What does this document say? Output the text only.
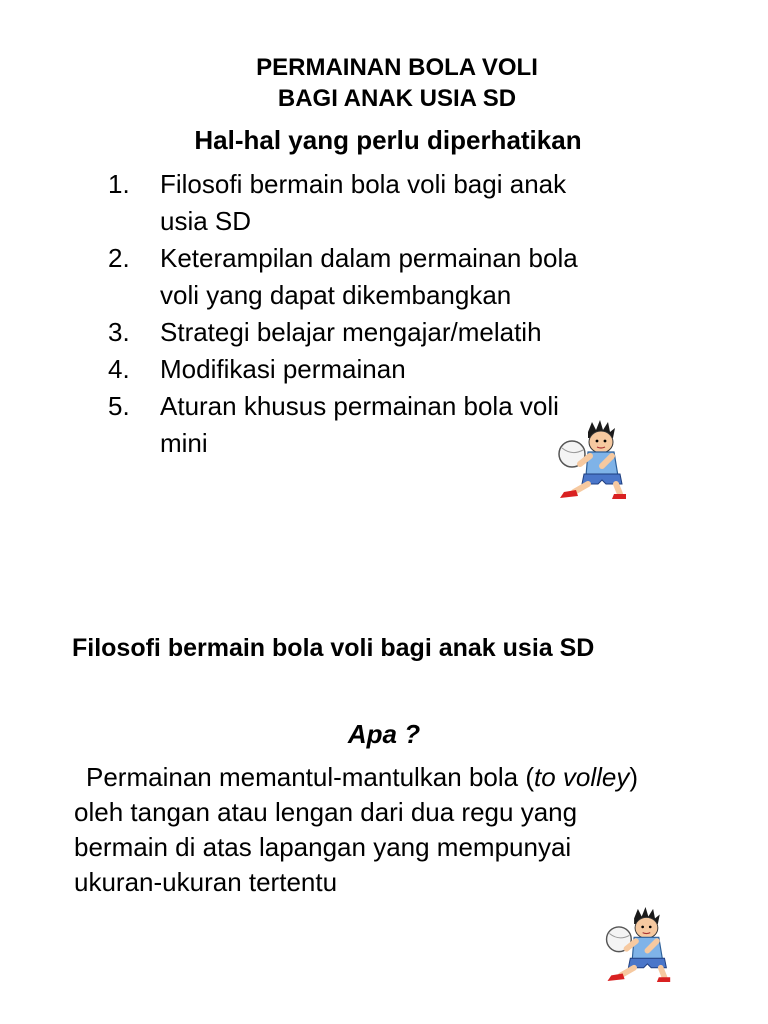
PERMAINAN BOLA VOLI
BAGI ANAK USIA SD
Hal-hal yang perlu diperhatikan
1.	Filosofi bermain bola voli bagi anak
usia SD
2.	Keterampilan dalam permainan bola
voli yang dapat dikembangkan
3.	Strategi belajar mengajar/melatih
4.	Modifikasi permainan
5.	Aturan khusus permainan bola voli
mini
Filosofi bermain bola voli bagi anak usia SD
Apa ?

Permainan memantul-mantulkan bola (to volley)
oleh tangan atau lengan dari dua regu yang
bermain di atas lapangan yang mempunyai
ukuran-ukuran tertentu
